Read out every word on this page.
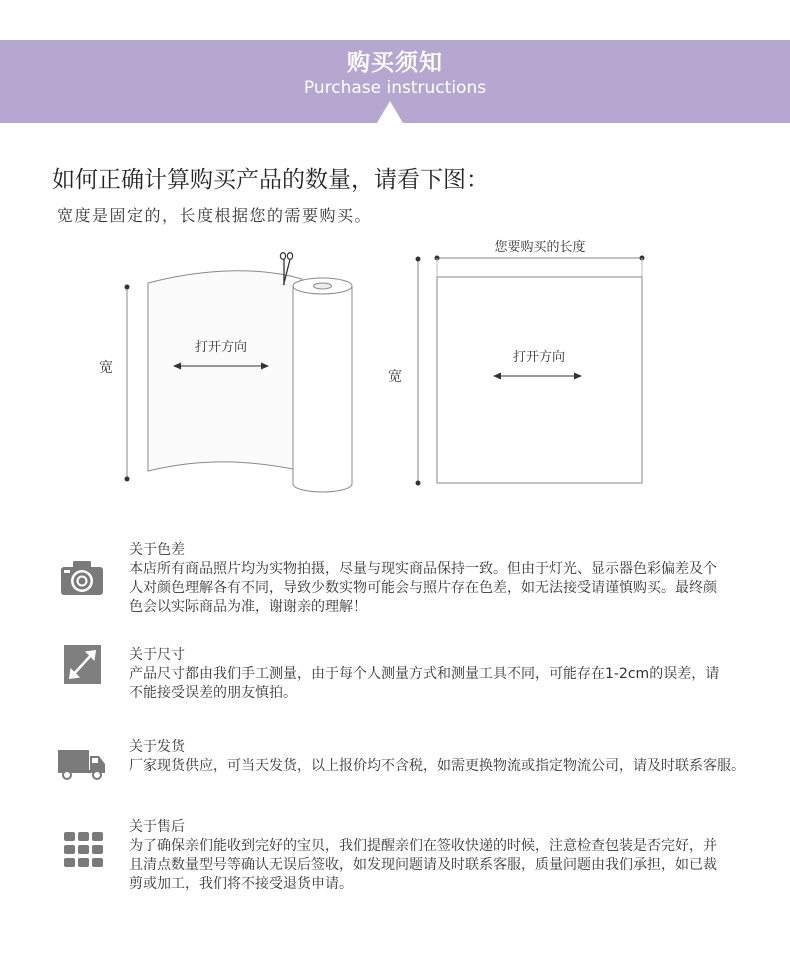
购买须知
Purchase instructions
如何正确计算购买产品的数量，请看下图：
宽度是固定的，长度根据您的需要购买。
宽
打开方向
您要购买的长度
宽
打开方向
关于色差
本店所有商品照片均为实物拍摄，尽量与现实商品保持一致。但由于灯光、显示器色彩偏差及个
人对颜色理解各有不同，导致少数实物可能会与照片存在色差，如无法接受请谨慎购买。最终颜
色会以实际商品为准，谢谢亲的理解！
关于尺寸
产品尺寸都由我们手工测量，由于每个人测量方式和测量工具不同，可能存在1-2cm的误差，请
不能接受误差的朋友慎拍。
关于发货
厂家现货供应，可当天发货，以上报价均不含税，如需更换物流或指定物流公司，请及时联系客服。
关于售后
为了确保亲们能收到完好的宝贝，我们提醒亲们在签收快递的时候，注意检查包装是否完好，并
且清点数量型号等确认无误后签收，如发现问题请及时联系客服，质量问题由我们承担，如已裁
剪或加工，我们将不接受退货申请。
